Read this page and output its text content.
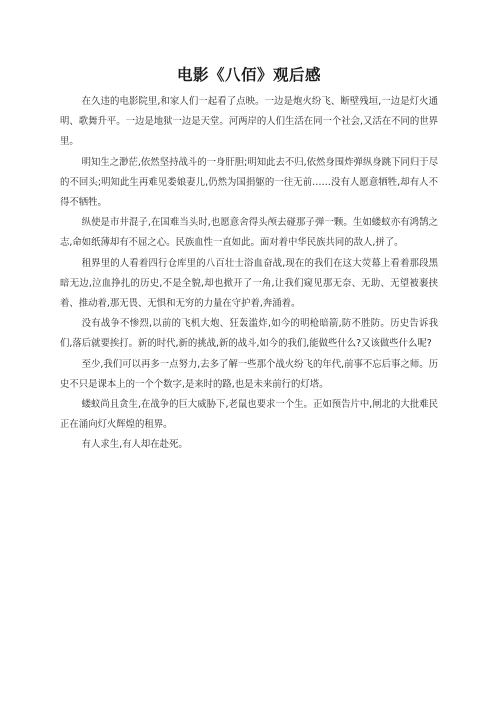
电影《八佰》观后感

在久违的电影院里,和家人们一起看了点映。一边是炮火纷飞、断壁残垣,一边是灯火通明、歌舞升平。一边是地狱一边是天堂。河两岸的人们生活在同一个社会,又活在不同的世界里。

明知生之渺茫,依然坚持战斗的一身肝胆;明知此去不归,依然身围炸弹纵身跳下同归于尽的不回头;明知此生再难见娄娘妻儿,仍然为国捐躯的一往无前……没有人愿意牺牲,却有人不得不牺牲。

纵使是市井混子,在国难当头时,也愿意舍得头颅去碰那子弹一颗。生如蝼蚁亦有鸿鹄之志,命如纸薄却有不屈之心。民族血性一直如此。面对着中华民族共同的敌人,拼了。

租界里的人看着四行仓库里的八百壮士浴血奋战,现在的我们在这大荧幕上看着那段黑暗无边,泣血挣扎的历史,不是全貌,却也掀开了一角,让我们窥见那无奈、无助、无望被裹挟着、推动着,那无畏、无惧和无穷的力量在守护着,奔涌着。

没有战争不惨烈,以前的飞机大炮、狂轰滥炸,如今的明枪暗箭,防不胜防。历史告诉我们,落后就要挨打。新的时代,新的挑战,新的战斗,如今的我们,能做些什么?又该做些什么呢?

至少,我们可以再多一点努力,去多了解一些那个战火纷飞的年代,前事不忘后事之师。历史不只是课本上的一个个数字,是来时的路,也是未来前行的灯塔。

蝼蚁尚且贪生,在战争的巨大威胁下,老鼠也要求一个生。正如预告片中,闸北的大批难民正在涌向灯火辉煌的租界。

有人求生,有人却在赴死。
